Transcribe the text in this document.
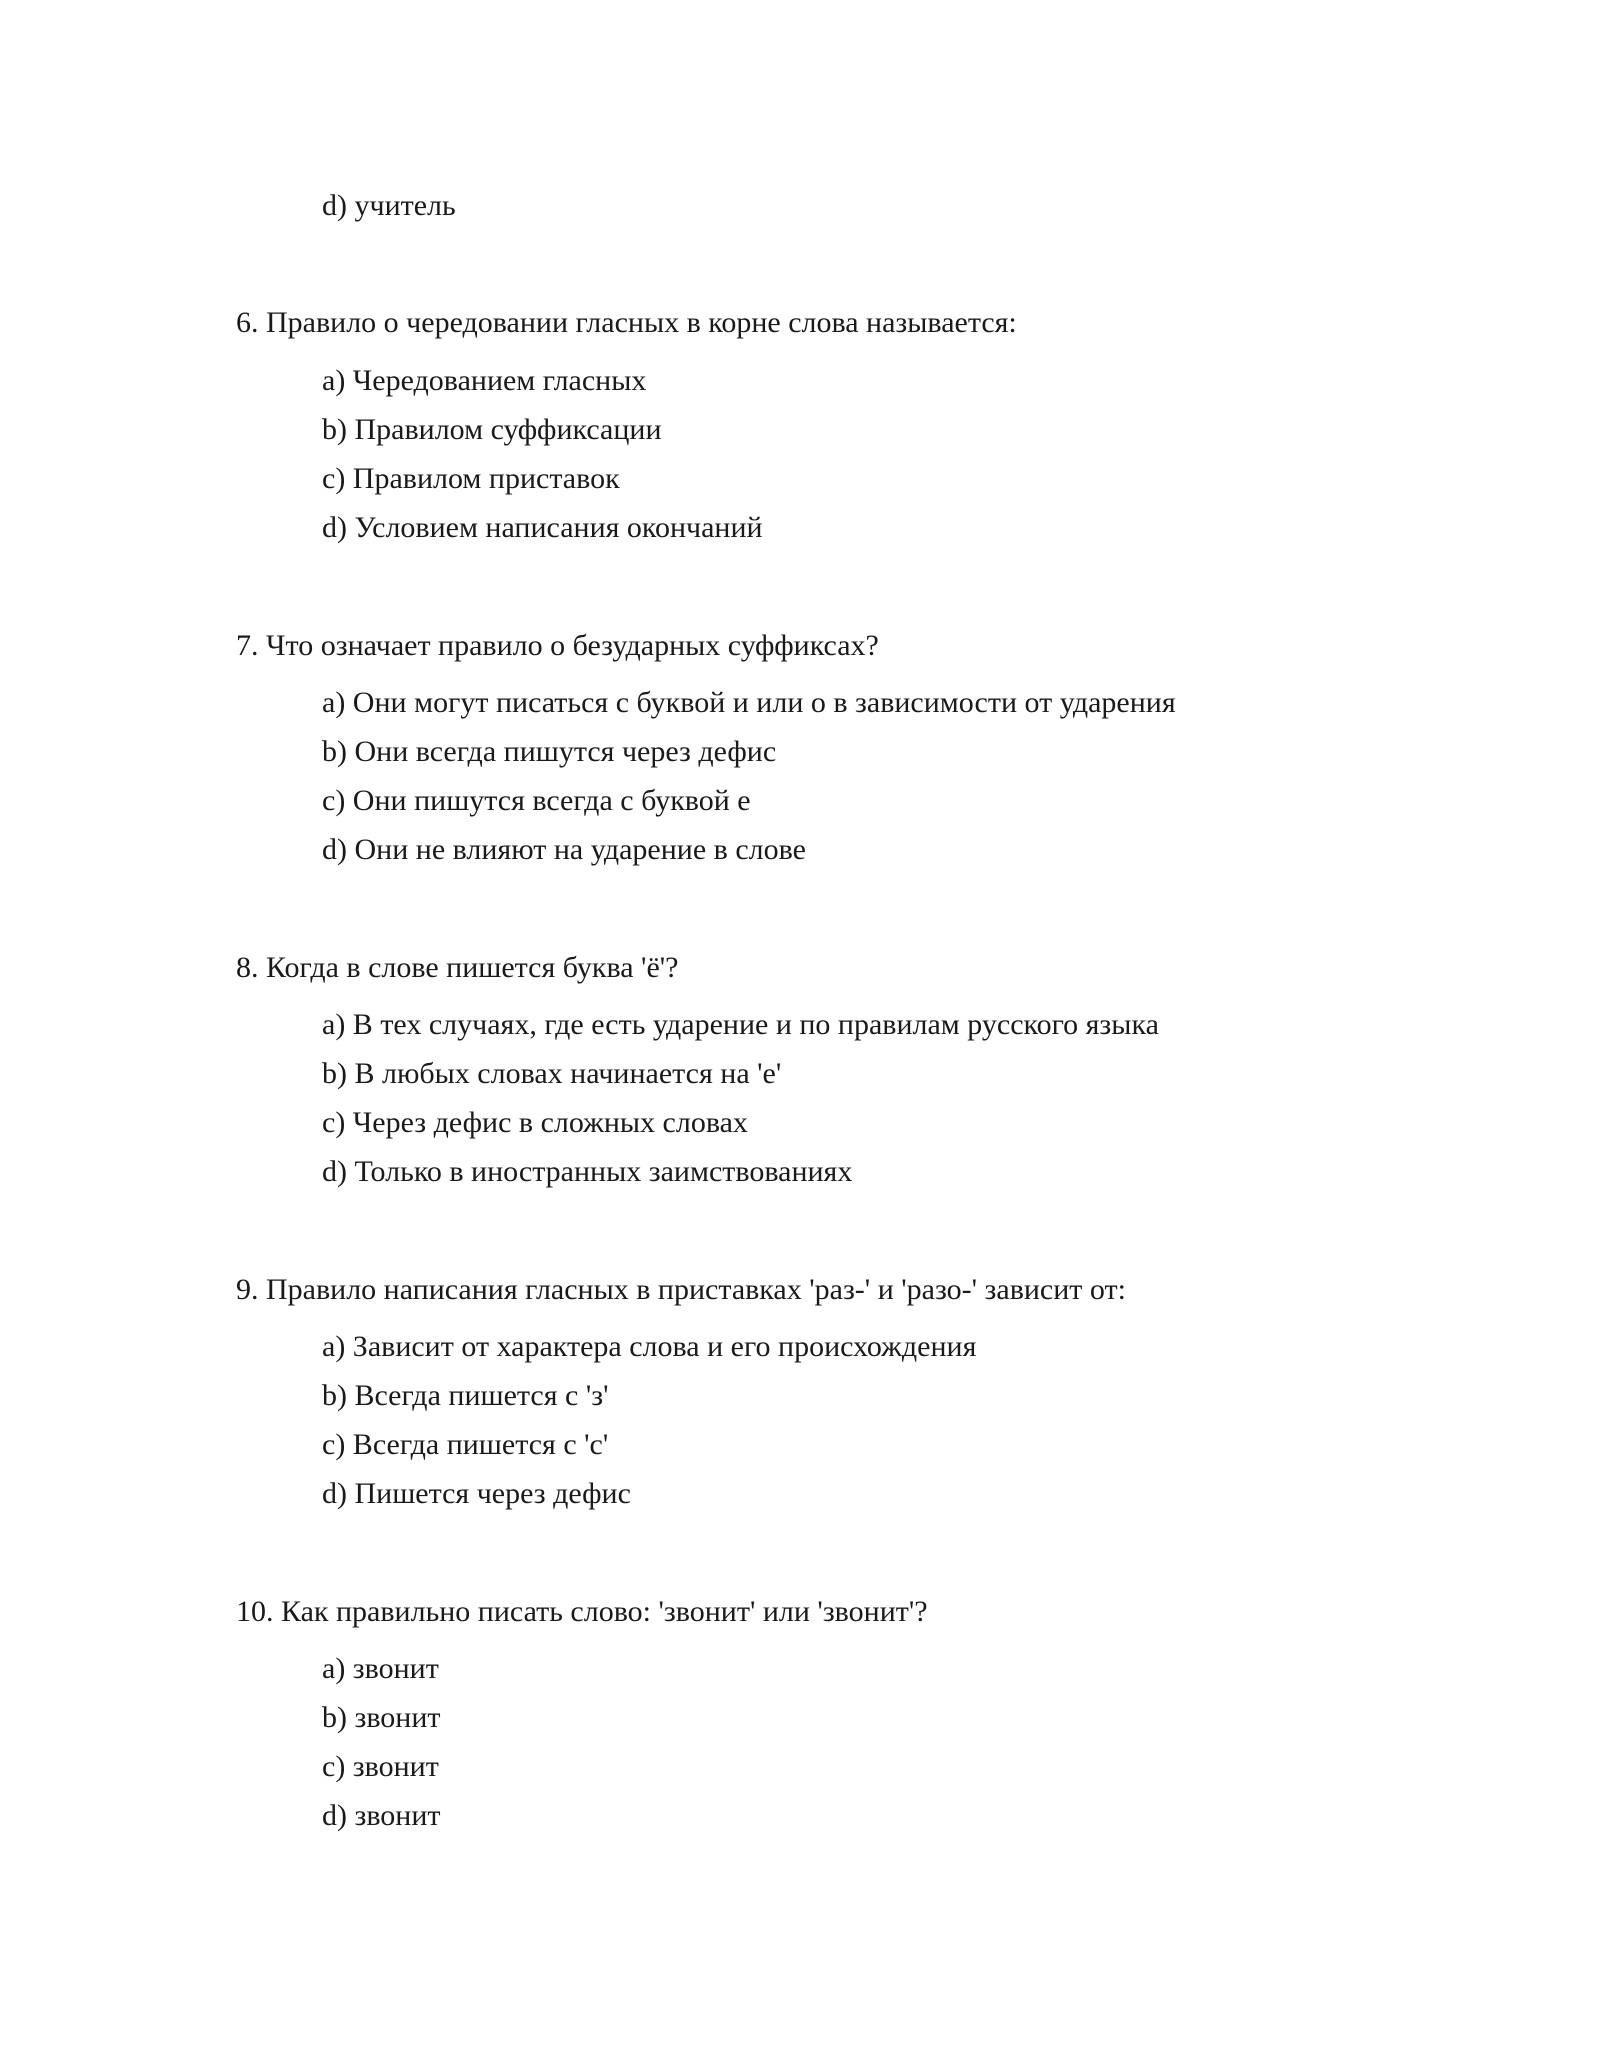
d) учитель
6. Правило о чередовании гласных в корне слова называется:
a) Чередованием гласных
b) Правилом суффиксации
c) Правилом приставок
d) Условием написания окончаний
7. Что означает правило о безударных суффиксах?
a) Они могут писаться с буквой и или о в зависимости от ударения
b) Они всегда пишутся через дефис
c) Они пишутся всегда с буквой е
d) Они не влияют на ударение в слове
8. Когда в слове пишется буква 'ё'?
a) В тех случаях, где есть ударение и по правилам русского языка
b) В любых словах начинается на 'е'
c) Через дефис в сложных словах
d) Только в иностранных заимствованиях
9. Правило написания гласных в приставках 'раз-' и 'разо-' зависит от:
a) Зависит от характера слова и его происхождения
b) Всегда пишется с 'з'
c) Всегда пишется с 'с'
d) Пишется через дефис
10. Как правильно писать слово: 'звонит' или 'звонит'?
a) звонит
b) звонит
c) звонит
d) звонит
